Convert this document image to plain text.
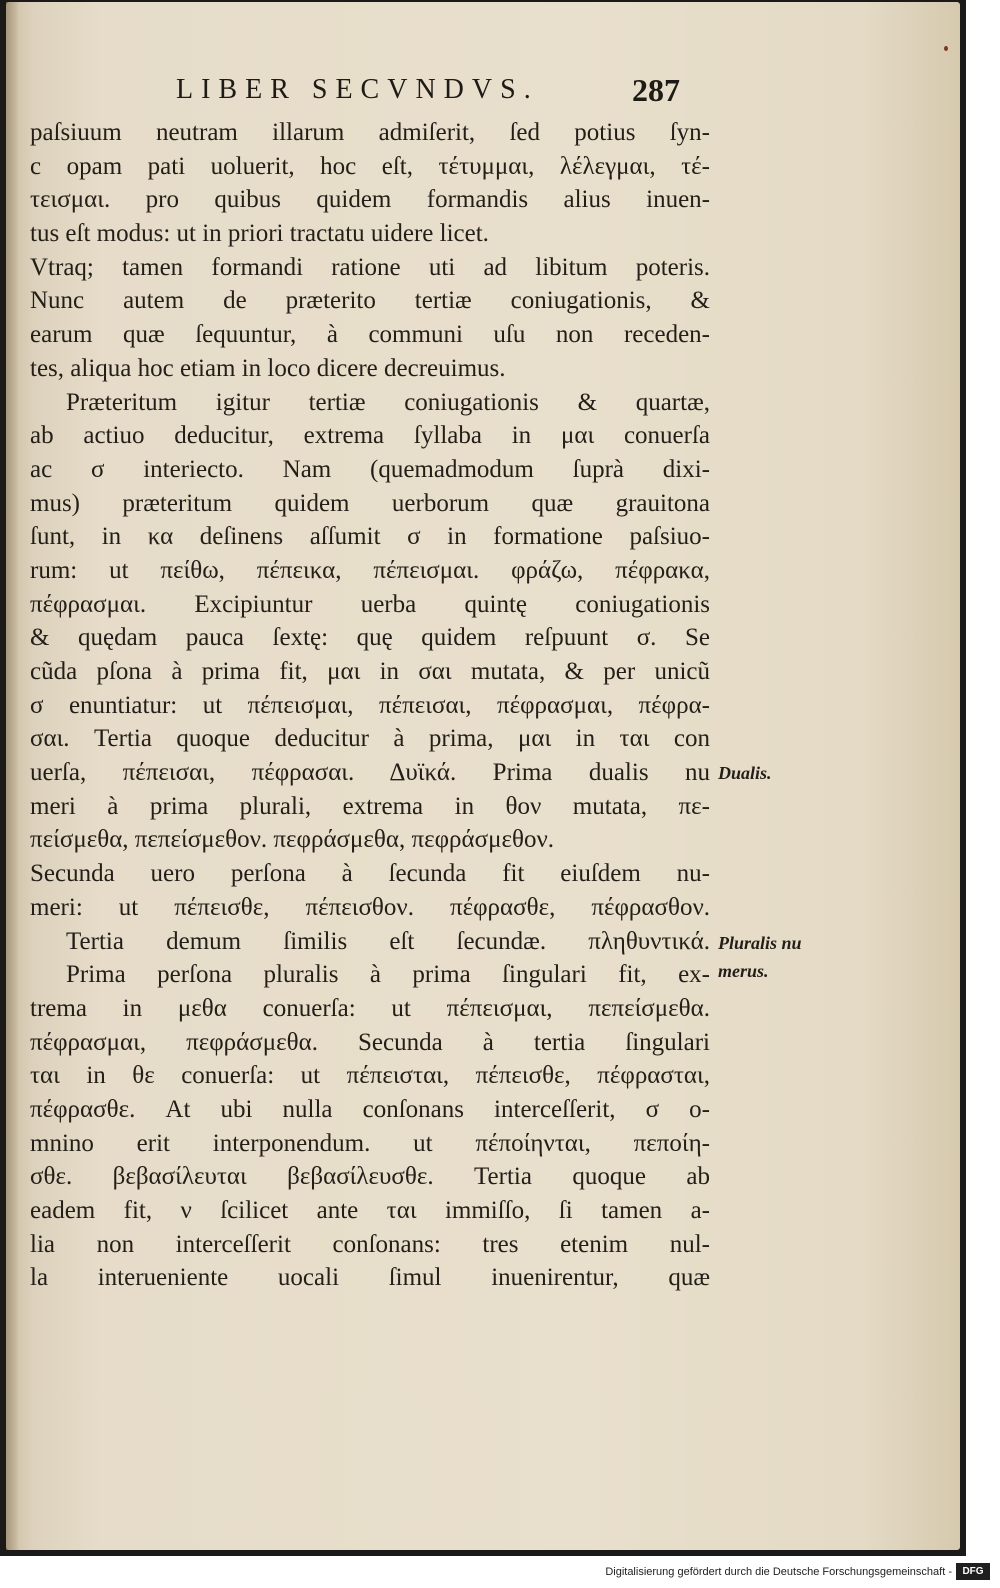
LIBER SECVNDVS.	287
paſsiuum neutram illarum admiſerit, ſed potius ſyn-
c opam pati uoluerit, hoc eſt, τέτυμμαι, λέλεγμαι, τέ-
τεισμαι. pro quibus quidem formandis alius inuen-
tus eſt modus: ut in priori tractatu uidere licet.
Vtraq; tamen formandi ratione uti ad libitum poteris.
Nunc autem de præterito tertiæ coniugationis, &
earum quæ ſequuntur, à communi uſu non receden-
tes, aliqua hoc etiam in loco dicere decreuimus.
Præteritum igitur tertiæ coniugationis & quartæ,
ab actiuo deducitur, extrema ſyllaba in μαι conuerſa
ac σ interiecto. Nam (quemadmodum ſuprà dixi-
mus) præteritum quidem uerborum quæ grauitona
ſunt, in κα deſinens aſſumit σ in formatione paſsiuo-
rum: ut πείθω, πέπεικα, πέπεισμαι. φράζω, πέφρακα,
πέφρασμαι. Excipiuntur uerba quintę coniugationis
& quędam pauca ſextę: quę quidem reſpuunt σ. Se
cũda pſona à prima fit, μαι in σαι mutata, & per unicũ
σ enuntiatur: ut πέπεισμαι, πέπεισαι, πέφρασμαι, πέφρα-
σαι. Tertia quoque deducitur à prima, μαι in ται con
uerſa, πέπεισαι, πέφρασαι. Δυϊκά. Prima dualis nu
meri à prima plurali, extrema in θον mutata, πε-
πείσμεθα, πεπείσμεθον. πεφράσμεθα, πεφράσμεθον.
Secunda uero perſona à ſecunda fit eiuſdem nu-
meri: ut πέπεισθε, πέπεισθον. πέφρασθε, πέφρασθον.
Tertia demum ſimilis eſt ſecundæ. πληθυντικά.
Prima perſona pluralis à prima ſingulari fit, ex-
trema in μεθα conuerſa: ut πέπεισμαι, πεπείσμεθα.
πέφρασμαι, πεφράσμεθα. Secunda à tertia ſingulari
ται in θε conuerſa: ut πέπεισται, πέπεισθε, πέφρασται,
πέφρασθε. At ubi nulla conſonans interceſſerit, σ o-
mnino erit interponendum. ut πέποίηνται, πεποίη-
σθε. βεβασίλευται βεβασίλευσθε. Tertia quoque ab
eadem fit, ν ſcilicet ante ται immiſſo, ſi tamen a-
lia non interceſſerit conſonans: tres etenim nul-
la interueniente uocali ſimul inuenirentur, quæ
Dualis.
Pluralis nu
merus.
Digitalisierung gefördert durch die Deutsche Forschungsgemeinschaft -	DFG
